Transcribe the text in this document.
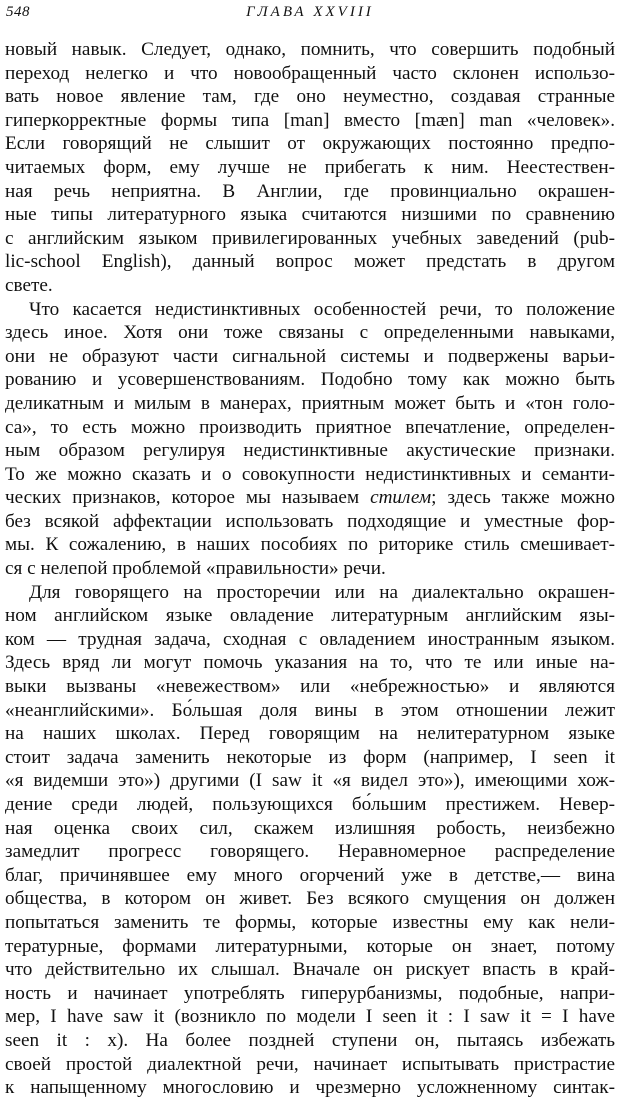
548	ГЛАВА XXVIII
новый навык. Следует, однако, помнить, что совершить подобный
переход нелегко и что новообращенный часто склонен использо-
вать новое явление там, где оно неуместно, создавая странные
гиперкорректные формы типа [man] вместо [mæn] man «человек».
Если говорящий не слышит от окружающих постоянно предпо-
читаемых форм, ему лучше не прибегать к ним. Неестествен-
ная речь неприятна. В Англии, где провинциально окрашен-
ные типы литературного языка считаются низшими по сравнению
с английским языком привилегированных учебных заведений (pub-
lic-school English), данный вопрос может предстать в другом
свете.
Что касается недистинктивных особенностей речи, то положение
здесь иное. Хотя они тоже связаны с определенными навыками,
они не образуют части сигнальной системы и подвержены варьи-
рованию и усовершенствованиям. Подобно тому как можно быть
деликатным и милым в манерах, приятным может быть и «тон голо-
са», то есть можно производить приятное впечатление, определен-
ным образом регулируя недистинктивные акустические признаки.
То же можно сказать и о совокупности недистинктивных и семанти-
ческих признаков, которое мы называем стилем; здесь также можно
без всякой аффектации использовать подходящие и уместные фор-
мы. К сожалению, в наших пособиях по риторике стиль смешивает-
ся с нелепой проблемой «правильности» речи.
Для говорящего на просторечии или на диалектально окрашен-
ном английском языке овладение литературным английским язы-
ком — трудная задача, сходная с овладением иностранным языком.
Здесь вряд ли могут помочь указания на то, что те или иные на-
выки вызваны «невежеством» или «небрежностью» и являются
«неанглийскими». Бо́льшая доля вины в этом отношении лежит
на наших школах. Перед говорящим на нелитературном языке
стоит задача заменить некоторые из форм (например, I seen it
«я видемши это») другими (I saw it «я видел это»), имеющими хож-
дение среди людей, пользующихся бо́льшим престижем. Невер-
ная оценка своих сил, скажем излишняя робость, неизбежно
замедлит прогресс говорящего. Неравномерное распределение
благ, причинявшее ему много огорчений уже в детстве,— вина
общества, в котором он живет. Без всякого смущения он должен
попытаться заменить те формы, которые известны ему как нели-
тературные, формами литературными, которые он знает, потому
что действительно их слышал. Вначале он рискует впасть в край-
ность и начинает употреблять гиперурбанизмы, подобные, напри-
мер, I have saw it (возникло по модели I seen it : I saw it = I have
seen it : x). На более поздней ступени он, пытаясь избежать
своей простой диалектной речи, начинает испытывать пристрастие
к напыщенному многословию и чрезмерно усложненному синтак-
